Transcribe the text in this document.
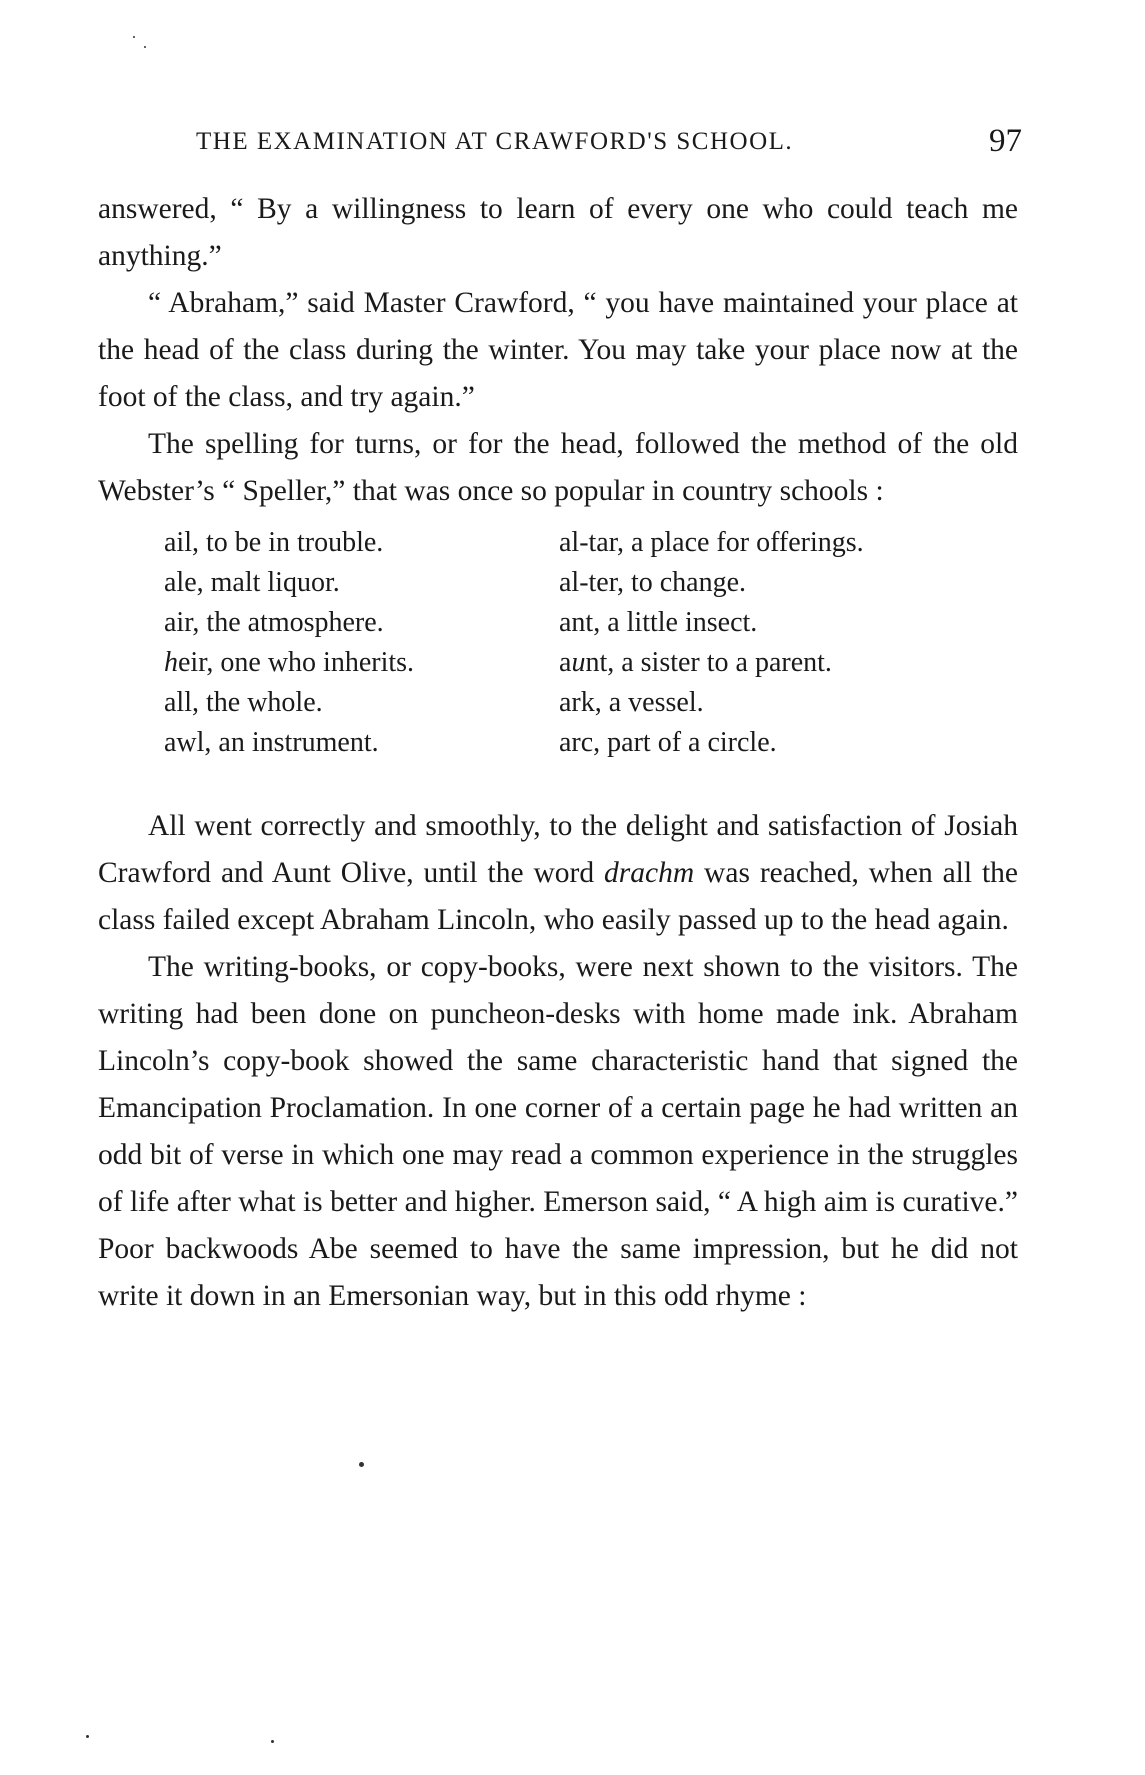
THE EXAMINATION AT CRAWFORD'S SCHOOL.	97

answered, “ By a willingness to learn of every one who could teach me anything.”

“ Abraham,” said Master Crawford, “ you have maintained your place at the head of the class during the winter. You may take your place now at the foot of the class, and try again.”

The spelling for turns, or for the head, followed the method of the old Webster’s “ Speller,” that was once so popular in country schools :

ail, to be in trouble.
ale, malt liquor.
air, the atmosphere.
heir, one who inherits.
all, the whole.
awl, an instrument.
al-tar, a place for offerings.
al-ter, to change.
ant, a little insect.
aunt, a sister to a parent.
ark, a vessel.
arc, part of a circle.

All went correctly and smoothly, to the delight and satisfaction of Josiah Crawford and Aunt Olive, until the word drachm was reached, when all the class failed except Abraham Lincoln, who easily passed up to the head again.

The writing-books, or copy-books, were next shown to the visitors. The writing had been done on puncheon-desks with home made ink. Abraham Lincoln’s copy-book showed the same characteristic hand that signed the Emancipation Proclamation. In one corner of a certain page he had written an odd bit of verse in which one may read a common experience in the struggles of life after what is better and higher. Emerson said, “ A high aim is curative.” Poor backwoods Abe seemed to have the same impression, but he did not write it down in an Emersonian way, but in this odd rhyme :
